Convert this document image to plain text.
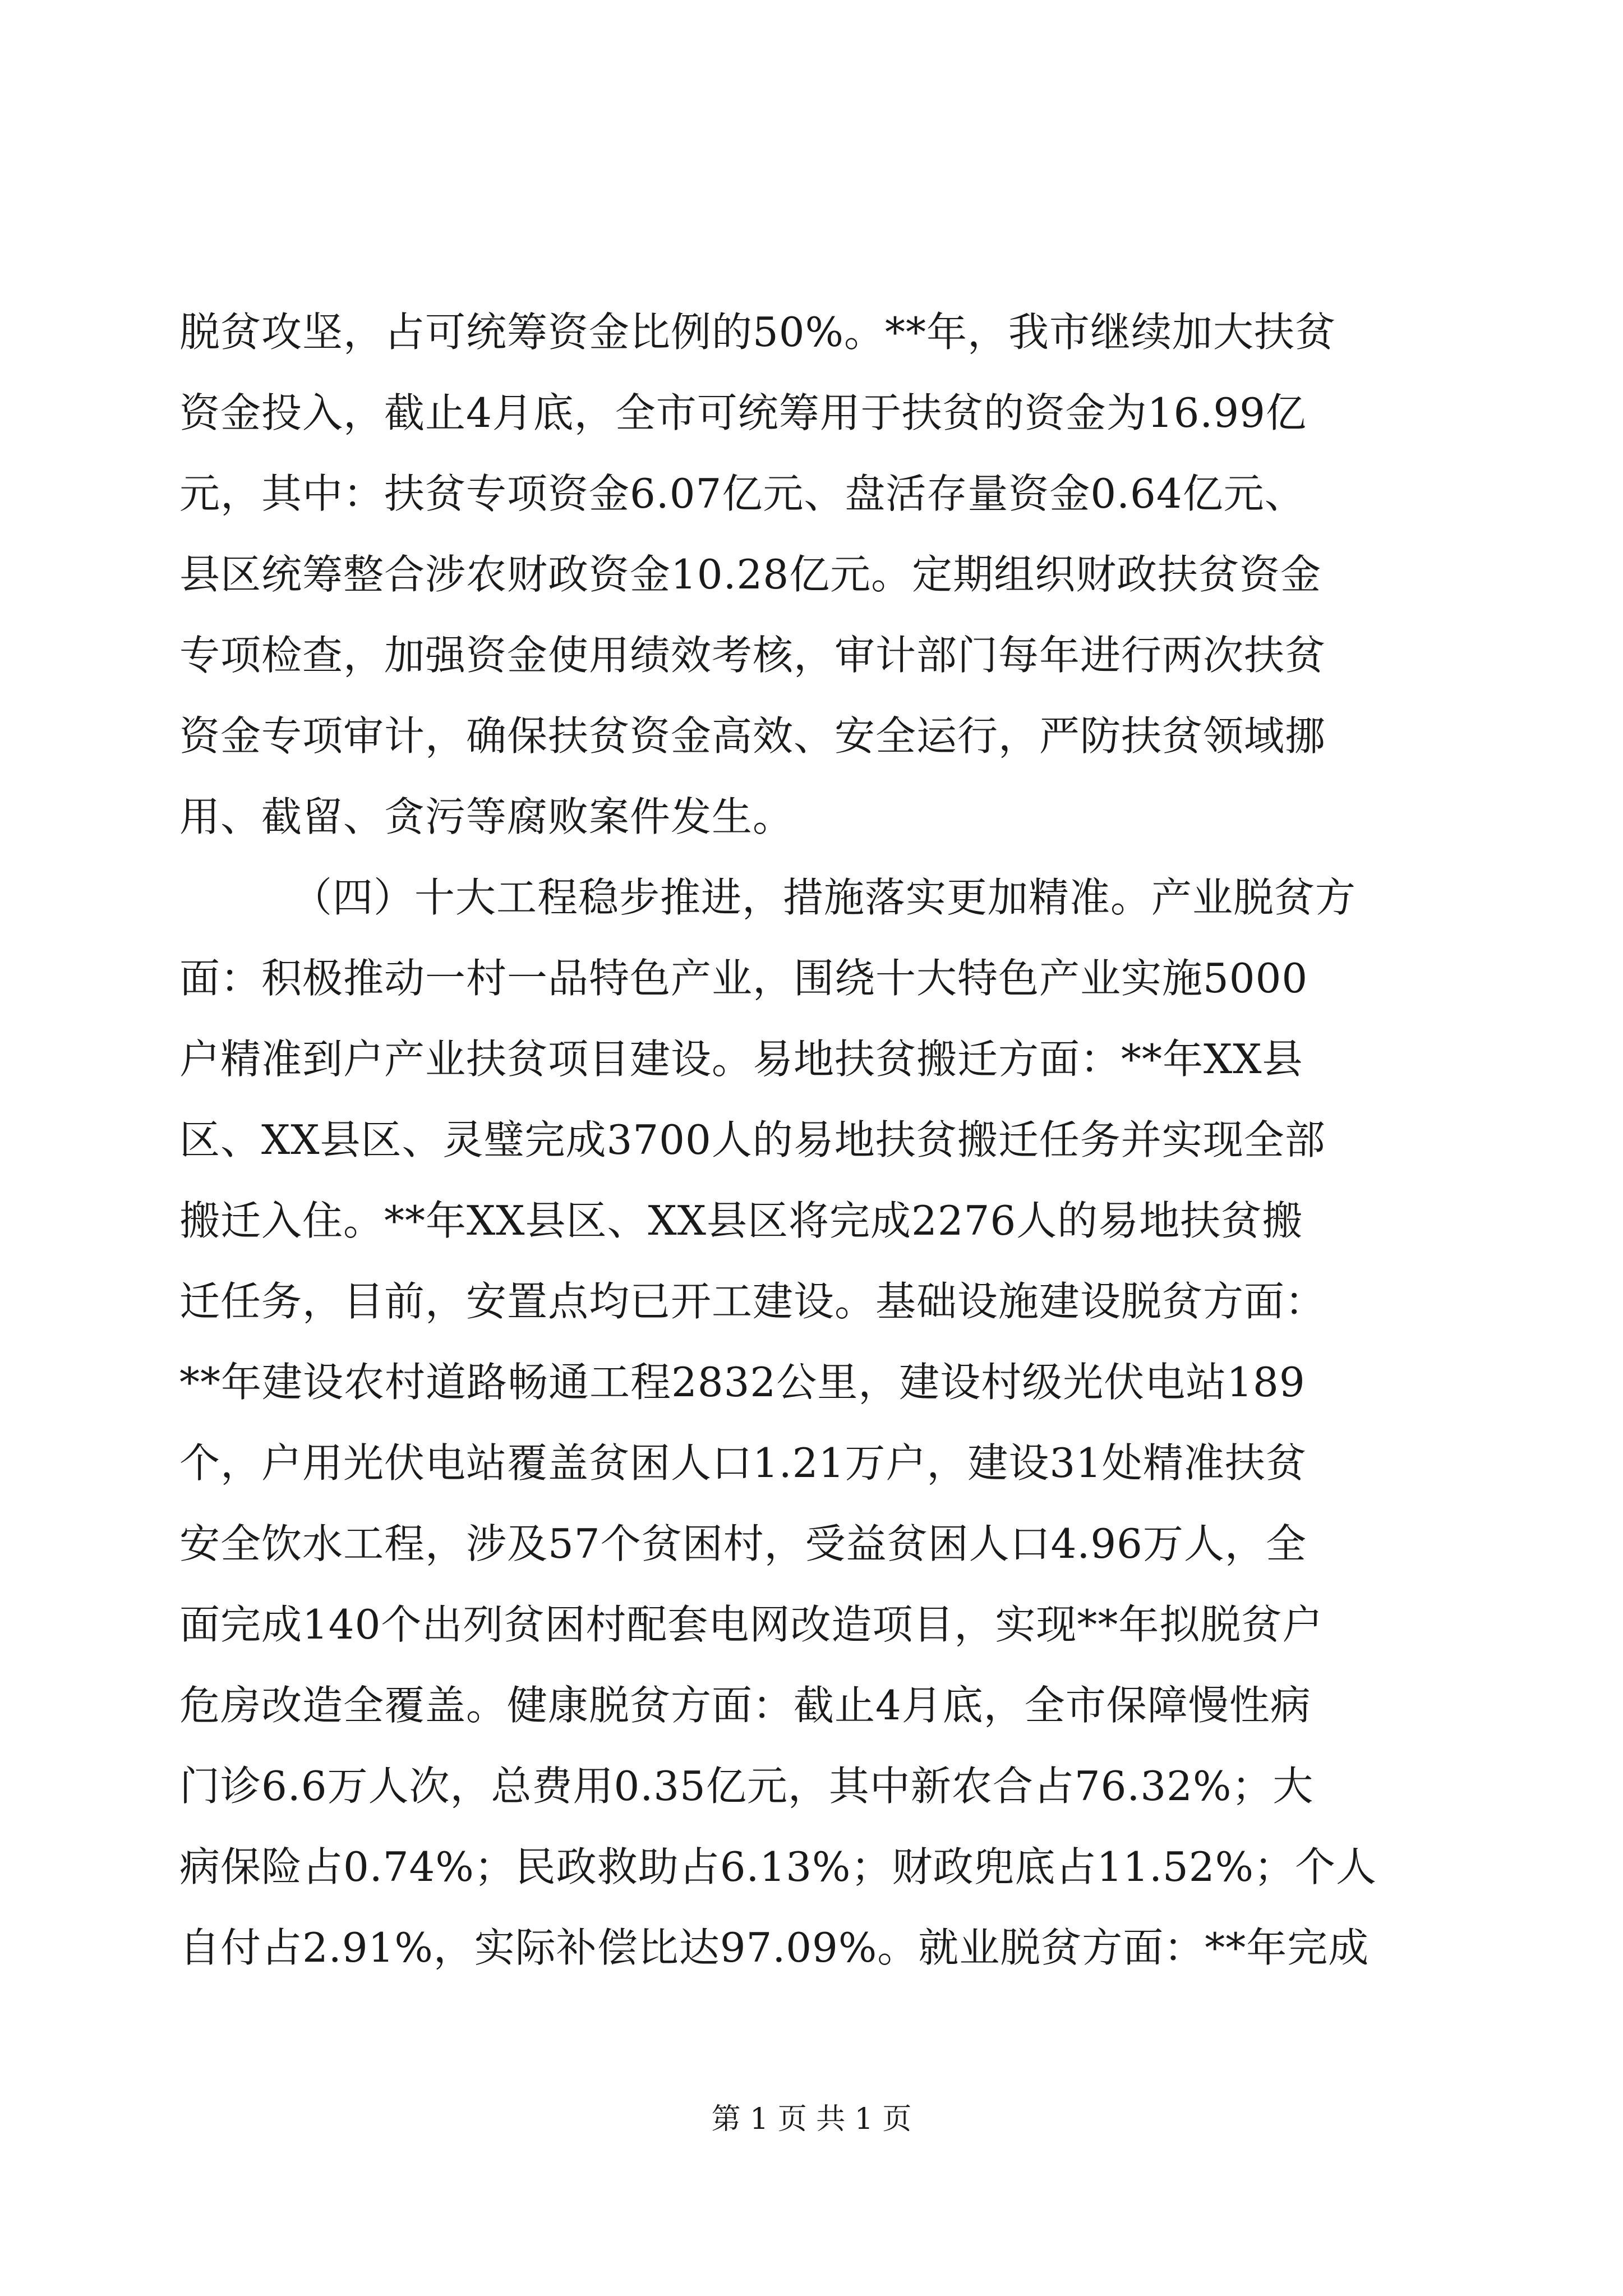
脱贫攻坚，占可统筹资金比例的50%。**年，我市继续加大扶贫
资金投入，截止4月底，全市可统筹用于扶贫的资金为16.99亿
元，其中：扶贫专项资金6.07亿元、盘活存量资金0.64亿元、
县区统筹整合涉农财政资金10.28亿元。定期组织财政扶贫资金
专项检查，加强资金使用绩效考核，审计部门每年进行两次扶贫
资金专项审计，确保扶贫资金高效、安全运行，严防扶贫领域挪
用、截留、贪污等腐败案件发生。
（四）十大工程稳步推进，措施落实更加精准。产业脱贫方
面：积极推动一村一品特色产业，围绕十大特色产业实施5000
户精准到户产业扶贫项目建设。易地扶贫搬迁方面：**年XX县
区、XX县区、灵璧完成3700人的易地扶贫搬迁任务并实现全部
搬迁入住。**年XX县区、XX县区将完成2276人的易地扶贫搬
迁任务，目前，安置点均已开工建设。基础设施建设脱贫方面：
**年建设农村道路畅通工程2832公里，建设村级光伏电站189
个，户用光伏电站覆盖贫困人口1.21万户，建设31处精准扶贫
安全饮水工程，涉及57个贫困村，受益贫困人口4.96万人，全
面完成140个出列贫困村配套电网改造项目，实现**年拟脱贫户
危房改造全覆盖。健康脱贫方面：截止4月底，全市保障慢性病
门诊6.6万人次，总费用0.35亿元，其中新农合占76.32%；大
病保险占0.74%；民政救助占6.13%；财政兜底占11.52%；个人
自付占2.91%，实际补偿比达97.09%。就业脱贫方面：**年完成
第 1 页 共 1 页
